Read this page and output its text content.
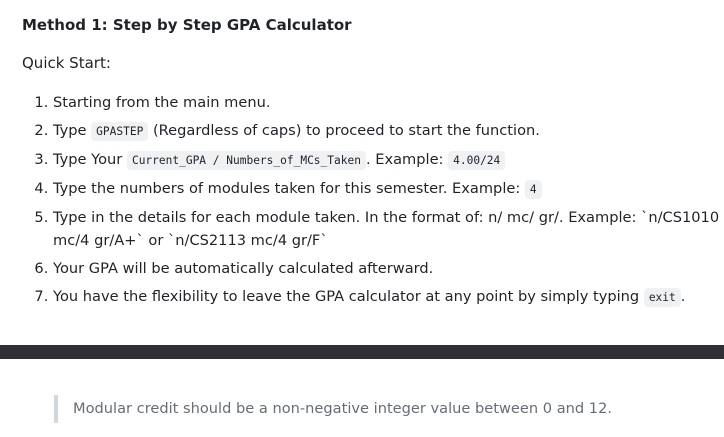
Method 1: Step by Step GPA Calculator

Quick Start:

1. Starting from the main menu.
2. Type GPASTEP (Regardless of caps) to proceed to start the function.
3. Type Your Current_GPA / Numbers_of_MCs_Taken . Example: 4.00/24
4. Type the numbers of modules taken for this semester. Example: 4
5. Type in the details for each module taken. In the format of: n/ mc/ gr/. Example: `n/CS1010 mc/4 gr/A+` or `n/CS2113 mc/4 gr/F`
6. Your GPA will be automatically calculated afterward.
7. You have the flexibility to leave the GPA calculator at any point by simply typing exit .
Modular credit should be a non-negative integer value between 0 and 12.
